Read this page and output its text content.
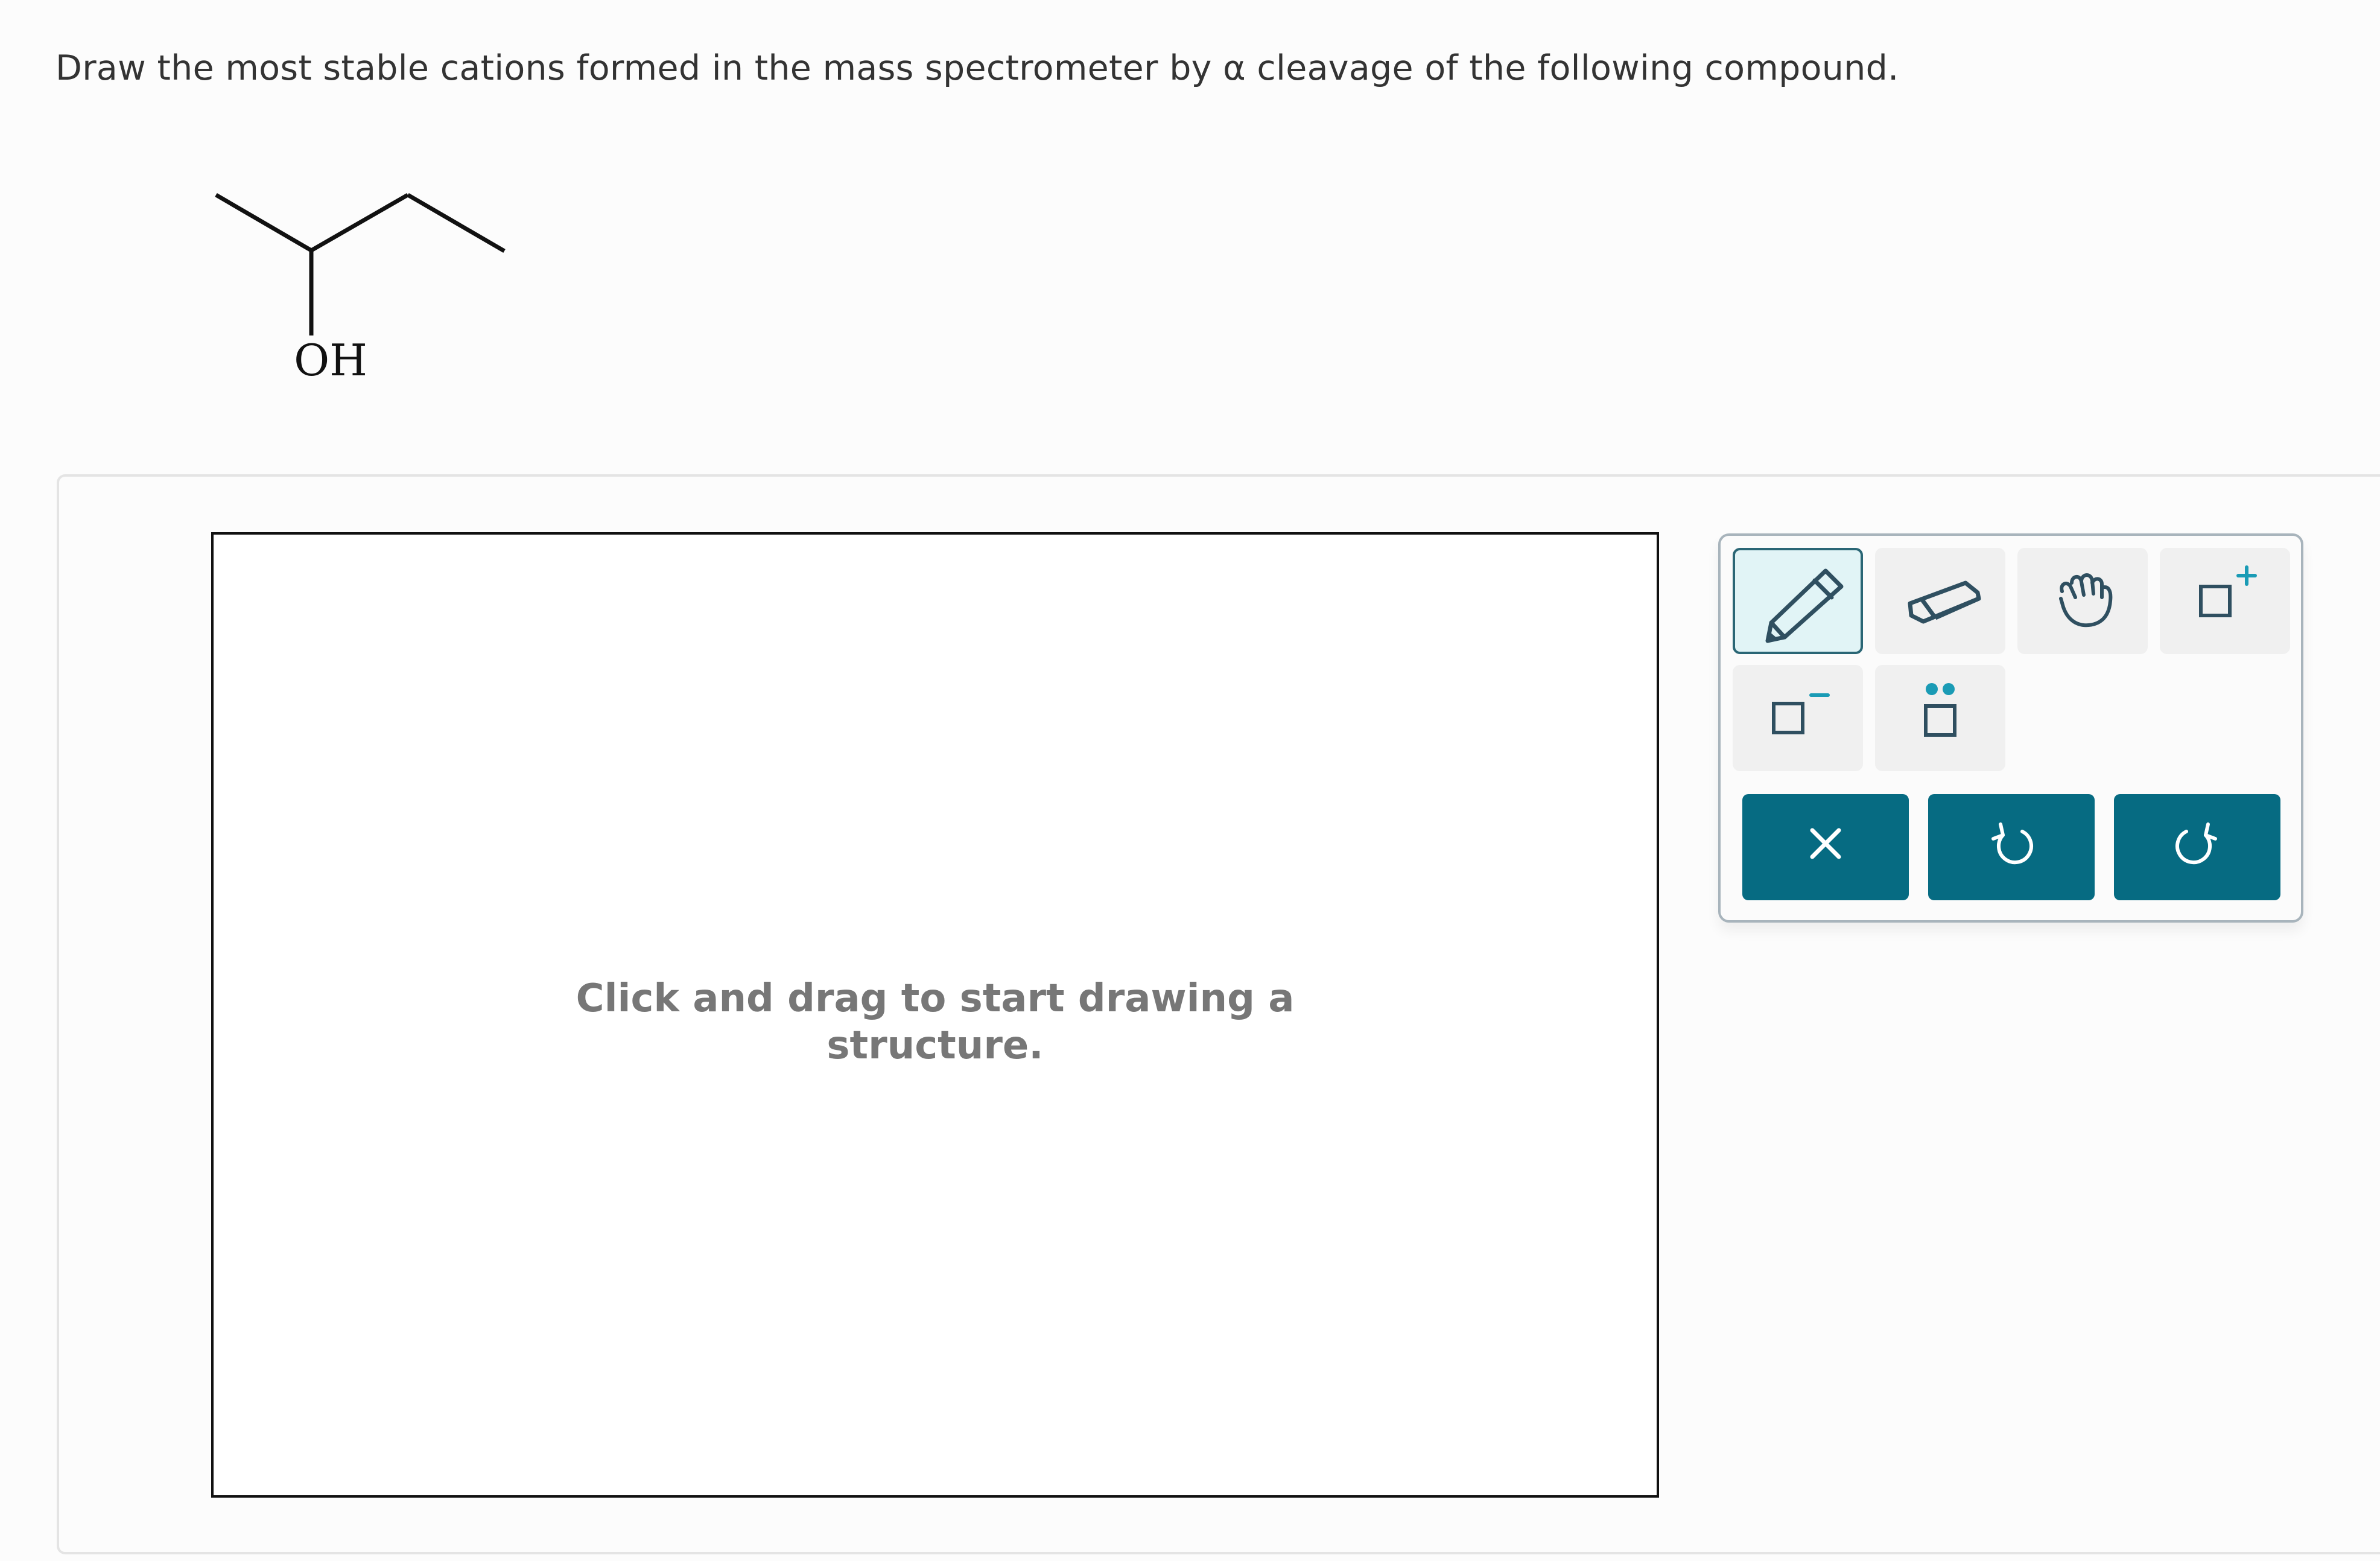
Draw the most stable cations formed in the mass spectrometer by α cleavage of the following compound.
OH
Click and drag to start drawing a
structure.
